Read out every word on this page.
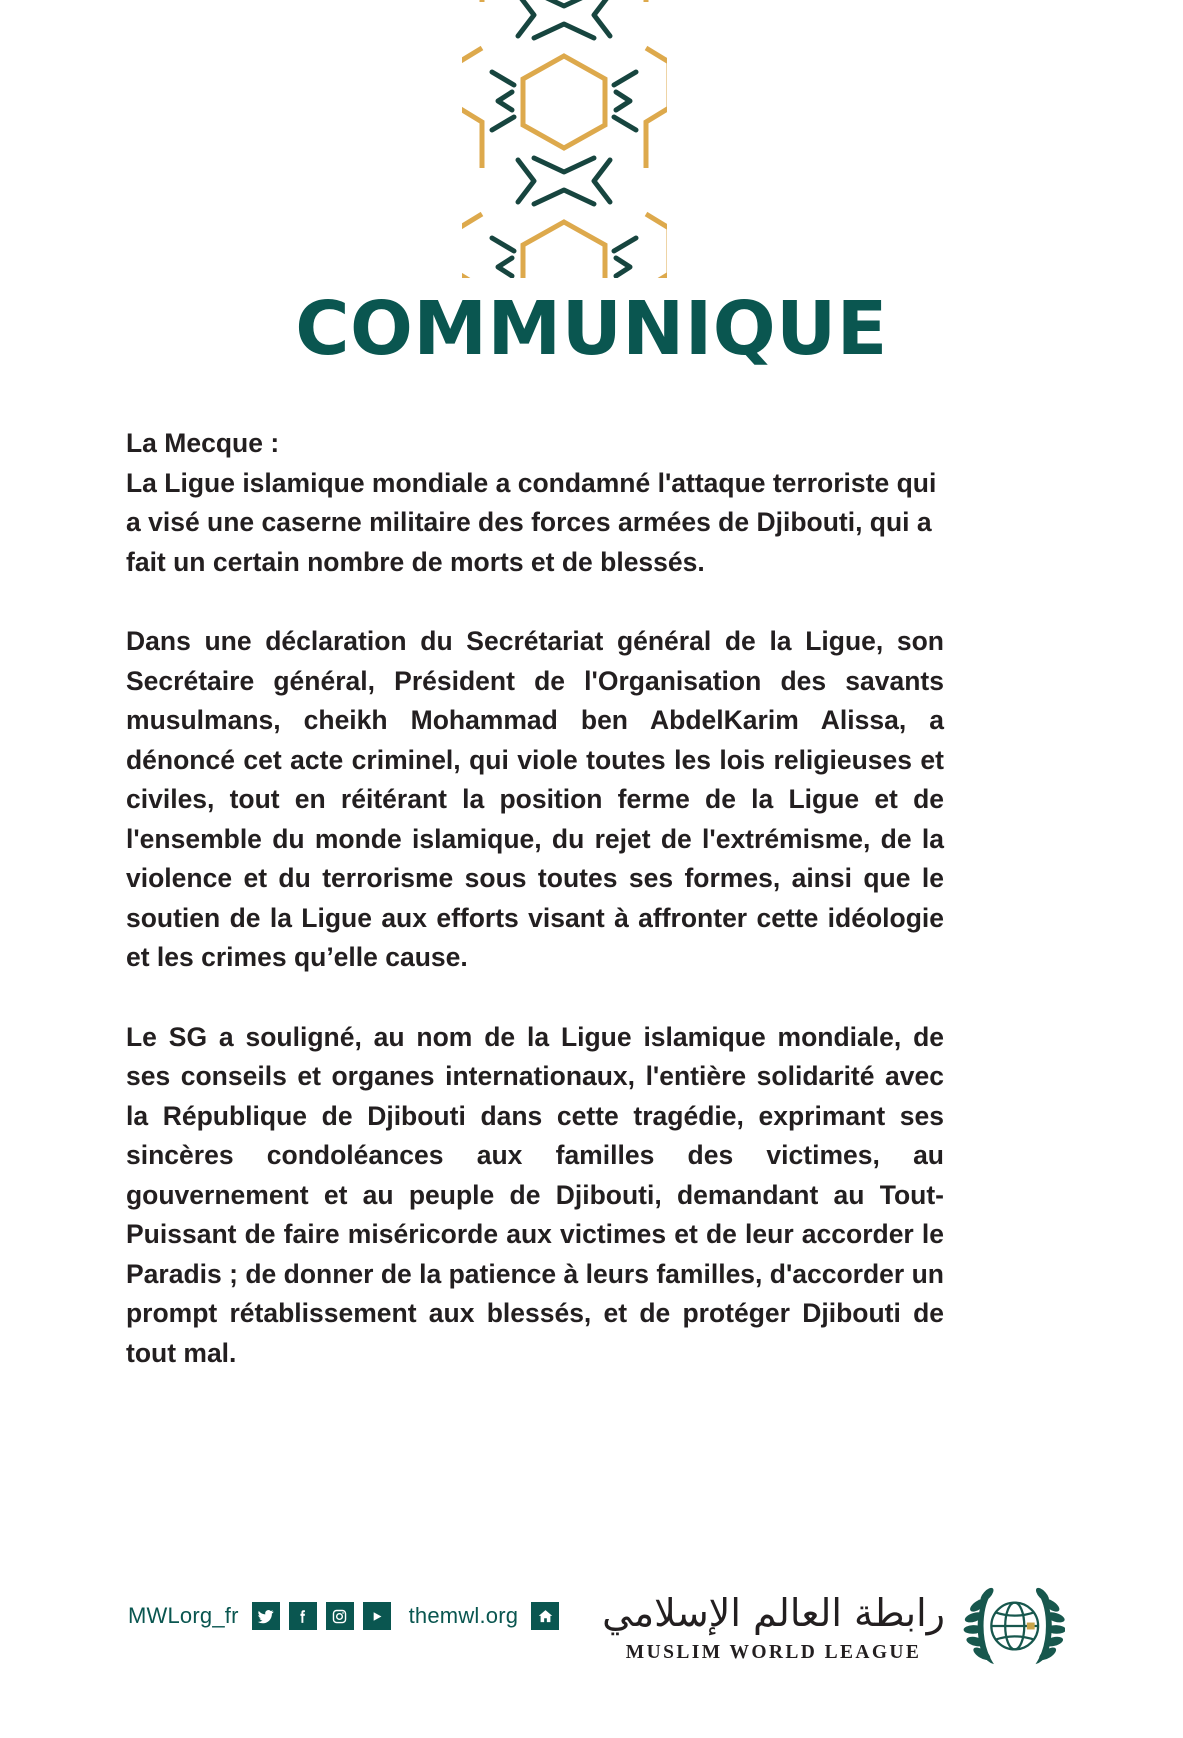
COMMUNIQUE
La Mecque :
La Ligue islamique mondiale a condamné l'attaque terroriste qui a visé une caserne militaire des forces armées de Djibouti, qui a fait un certain nombre de morts et de blessés.
Dans une déclaration du Secrétariat général de la Ligue, son Secrétaire général, Président de l'Organisation des savants musulmans, cheikh Mohammad ben AbdelKarim Alissa, a dénoncé cet acte criminel, qui viole toutes les lois religieuses et civiles, tout en réitérant la position ferme de la Ligue et de l'ensemble du monde islamique, du rejet de l'extrémisme, de la violence et du terrorisme sous toutes ses formes, ainsi que le soutien de la Ligue aux efforts visant à affronter cette idéologie et les crimes qu’elle cause.
Le SG a souligné, au nom de la Ligue islamique mondiale, de ses conseils et organes internationaux, l'entière solidarité avec la République de Djibouti dans cette tragédie, exprimant ses sincères condoléances aux familles des victimes, au gouvernement et au peuple de Djibouti, demandant au Tout-Puissant de faire miséricorde aux victimes et de leur accorder le Paradis ; de donner de la patience à leurs familles, d'accorder un prompt rétablissement aux blessés, et de protéger Djibouti de tout mal.
MWLorg_fr	themwl.org رابطة العالم الإسلامي
MUSLIM WORLD LEAGUE
